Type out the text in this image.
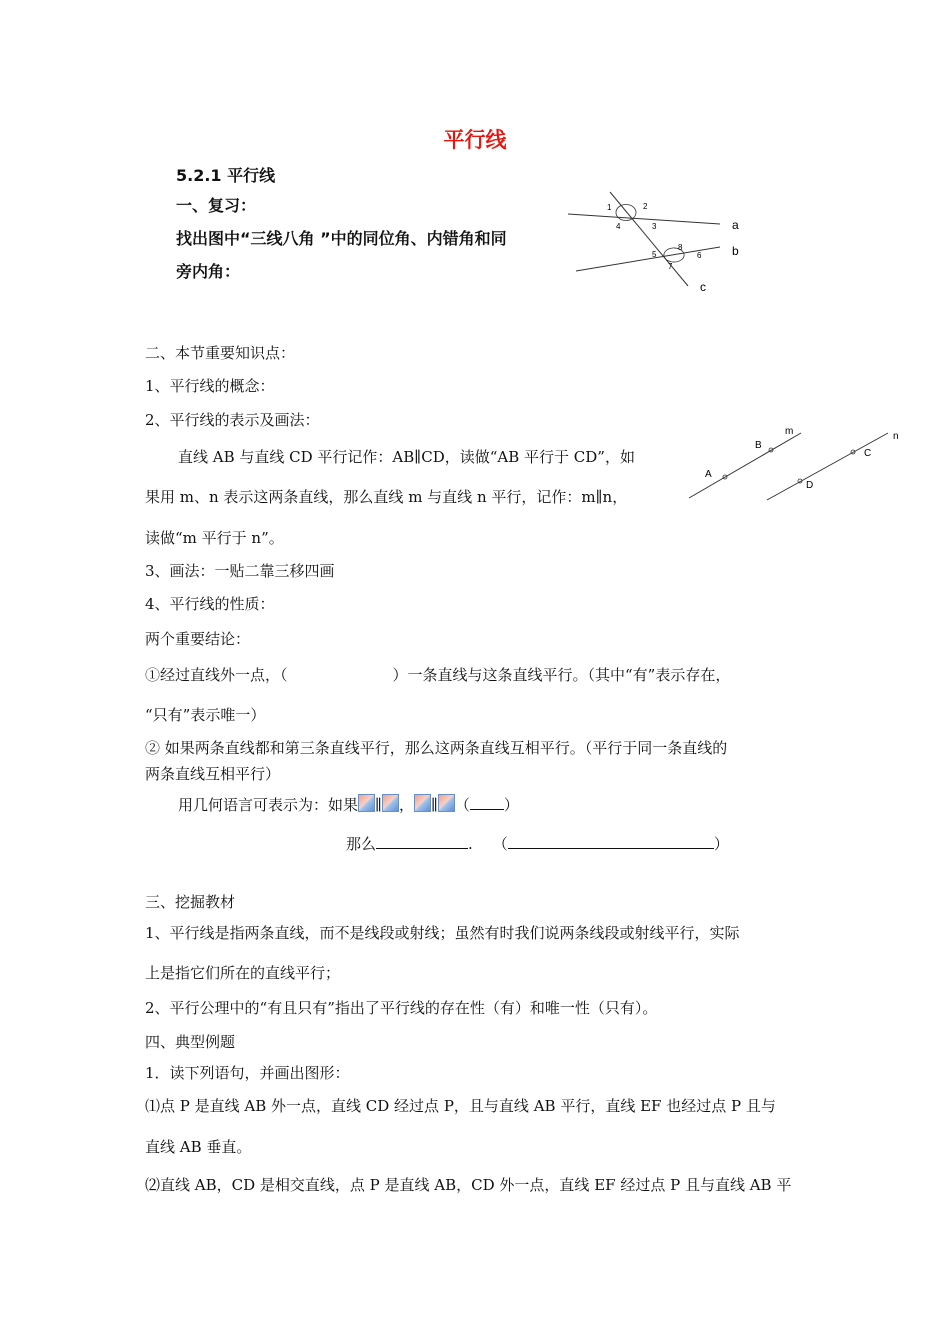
平行线
5.2.1 平行线
一、复习：
找出图中“三线八角 ”中的同位角、内错角和同
旁内角：
1	2
3
4
5	6
7
8
a
b
c
二、本节重要知识点：
1、平行线的概念：
2、平行线的表示及画法：
直线 AB 与直线 CD 平行记作：AB∥CD，读做“AB 平行于 CD”，如
果用 m、n 表示这两条直线，那么直线 m 与直线 n 平行，记作：m∥n，
读做“m 平行于 n”。
A
B
m
C
D
n
3、画法：一贴二靠三移四画
4、平行线的性质：
两个重要结论：
①经过直线外一点，（	）一条直线与这条直线平行。（其中“有”表示存在，
“只有”表示唯一）
② 如果两条直线都和第三条直线平行，那么这两条直线互相平行。（平行于同一条直线的
两条直线互相平行）
用几何语言可表示为：如果 ∥ ， ∥ （ ）
那么	. （	）
三、挖掘教材
1、平行线是指两条直线，而不是线段或射线；虽然有时我们说两条线段或射线平行，实际
上是指它们所在的直线平行；
2、平行公理中的“有且只有”指出了平行线的存在性（有）和唯一性（只有）。
四、典型例题
1．读下列语句，并画出图形：
⑴点 P 是直线 AB 外一点，直线 CD 经过点 P，且与直线 AB 平行，直线 EF 也经过点 P 且与
直线 AB 垂直。
⑵直线 AB，CD 是相交直线，点 P 是直线 AB，CD 外一点，直线 EF 经过点 P 且与直线 AB 平
